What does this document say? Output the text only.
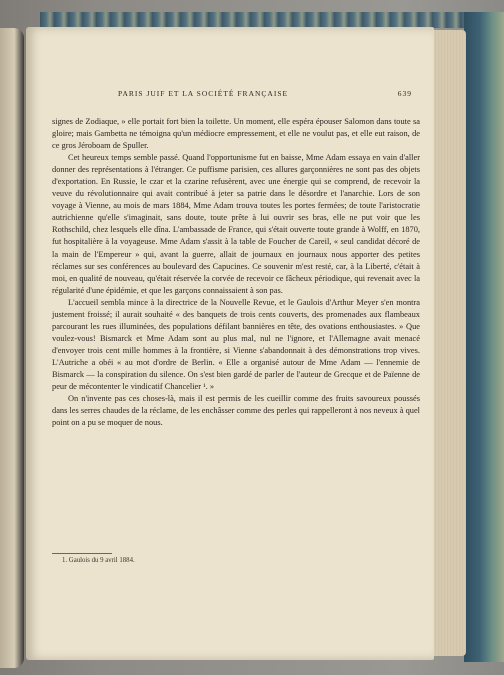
PARIS JUIF ET LA SOCIÉTÉ FRANÇAISE	639

signes de Zodiaque, » elle portait fort bien la toilette. Un moment, elle espéra épouser Salomon dans toute sa gloire; mais Gambetta ne témoigna qu'un médiocre empressement, et elle ne voulut pas, et elle eut raison, de ce gros Jéroboam de Spuller.

Cet heureux temps semble passé. Quand l'opportunisme fut en baisse, Mme Adam essaya en vain d'aller donner des représentations à l'étranger. Ce puffisme parisien, ces allures garçonnières ne sont pas des objets d'exportation. En Russie, le czar et la czarine refusèrent, avec une énergie qui se comprend, de recevoir la veuve du révolutionnaire qui avait contribué à jeter sa patrie dans le désordre et l'anarchie. Lors de son voyage à Vienne, au mois de mars 1884, Mme Adam trouva toutes les portes fermées; de toute l'aristocratie autrichienne qu'elle s'imaginait, sans doute, toute prête à lui ouvrir ses bras, elle ne put voir que les Rothschild, chez lesquels elle dîna. L'ambassade de France, qui s'était ouverte toute grande à Wolff, en 1870, fut hospitalière à la voyageuse. Mme Adam s'assit à la table de Foucher de Careil, « seul candidat décoré de la main de l'Empereur » qui, avant la guerre, allait de journaux en journaux nous apporter des petites réclames sur ses conférences au boulevard des Capucines. Ce souvenir m'est resté, car, à la Liberté, c'était à moi, en qualité de nouveau, qu'était réservée la corvée de recevoir ce fâcheux périodique, qui revenait avec la régularité d'une épidémie, et que les garçons connaissaient à son pas.

L'accueil sembla mince à la directrice de la Nouvelle Revue, et le Gaulois d'Arthur Meyer s'en montra justement froissé; il aurait souhaité « des banquets de trois cents couverts, des promenades aux flambeaux parcourant les rues illuminées, des populations défilant bannières en tête, des ovations enthousiastes. » Que voulez-vous! Bismarck et Mme Adam sont au plus mal, nul ne l'ignore, et l'Allemagne avait menacé d'envoyer trois cent mille hommes à la frontière, si Vienne s'abandonnait à des démonstrations trop vives. L'Autriche a obéi « au mot d'ordre de Berlin. « Elle a organisé autour de Mme Adam — l'ennemie de Bismarck — la conspiration du silence. On s'est bien gardé de parler de l'auteur de Grecque et de Païenne de peur de mécontenter le vindicatif Chancelier ¹. »

On n'invente pas ces choses-là, mais il est permis de les cueillir comme des fruits savoureux poussés dans les serres chaudes de la réclame, de les enchâsser comme des perles qui rappelleront à nos neveux à quel point on a pu se moquer de nous.

1. Gaulois du 9 avril 1884.
